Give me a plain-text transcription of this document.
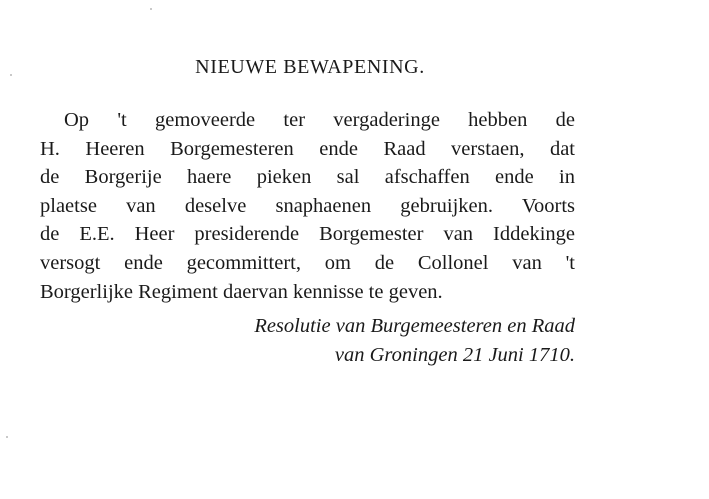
NIEUWE BEWAPENING.
Op 't gemoveerde ter vergaderinge hebben de
H. Heeren Borgemesteren ende Raad verstaen, dat
de Borgerije haere pieken sal afschaffen ende in
plaetse van deselve snaphaenen gebruijken. Voorts
de E.E. Heer presiderende Borgemester van Iddekinge
versogt ende gecommittert, om de Collonel van 't
Borgerlijke Regiment daervan kennisse te geven.
Resolutie van Burgemeesteren en Raad
van Groningen 21 Juni 1710.
